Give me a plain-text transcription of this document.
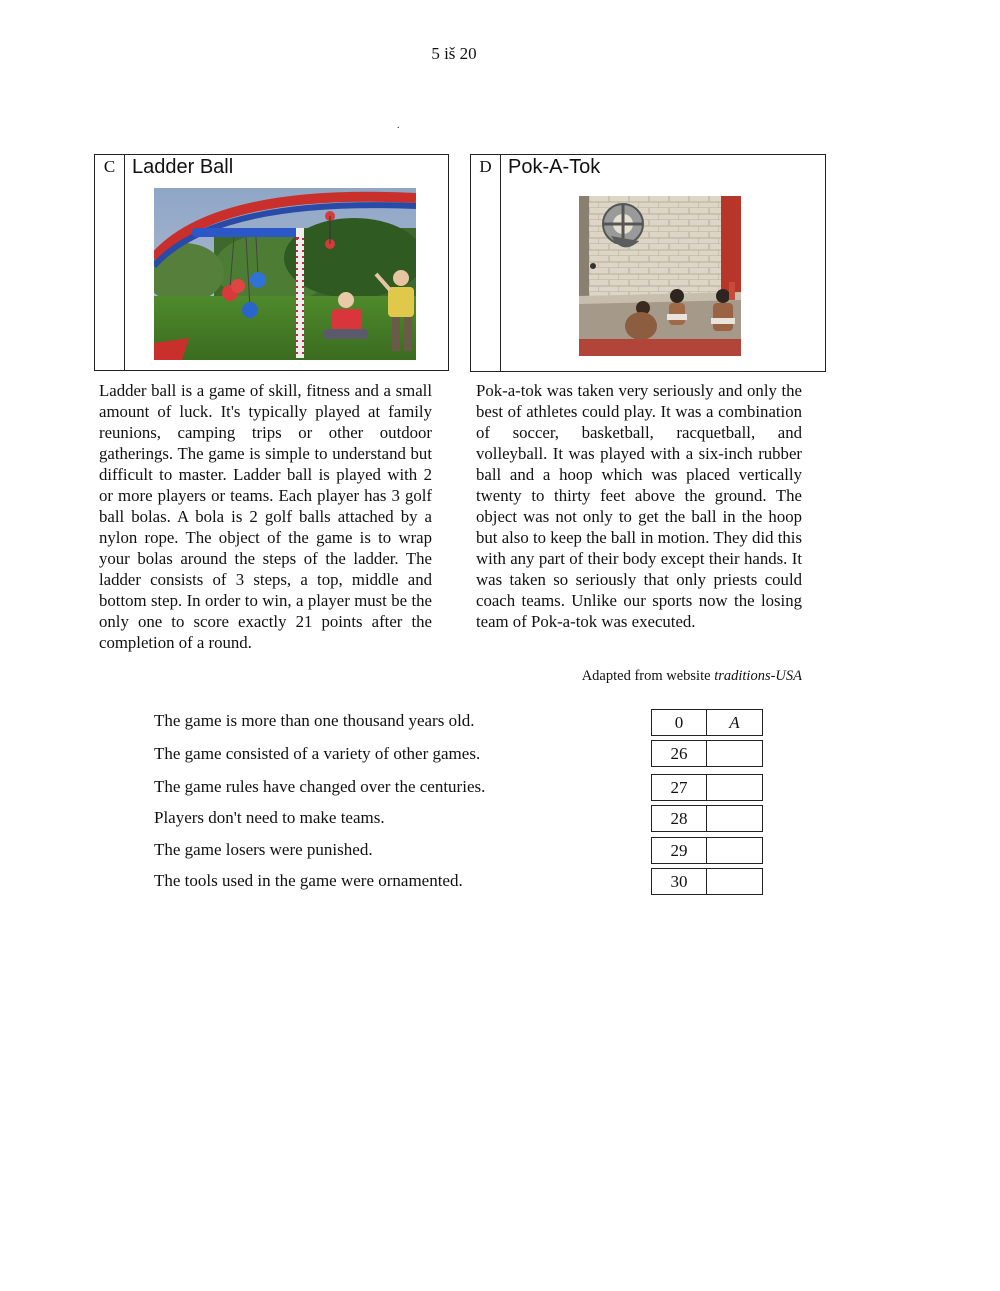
5 iš 20
.
C Ladder Ball	D Pok-A-Tok
Ladder ball is a game of skill, fitness and a small amount of luck. It's typically played at family reunions, camping trips or other outdoor gatherings. The game is simple to understand but difficult to master. Ladder ball is played with 2 or more players or teams. Each player has 3 golf ball bolas. A bola is 2 golf balls attached by a nylon rope. The object of the game is to wrap your bolas around the steps of the ladder. The ladder consists of 3 steps, a top, middle and bottom step. In order to win, a player must be the only one to score exactly 21 points after the completion of a round.
Pok-a-tok was taken very seriously and only the best of athletes could play. It was a combination of soccer, basketball, racquetball, and volleyball. It was played with a six-inch rubber ball and a hoop which was placed vertically twenty to thirty feet above the ground. The object was not only to get the ball in the hoop but also to keep the ball in motion. They did this with any part of their body except their hands. It was taken so seriously that only priests could coach teams. Unlike our sports now the losing team of Pok-a-tok was executed.
Adapted from website traditions-USA
The game is more than one thousand years old.	0	A
The game consisted of a variety of other games.	26
The game rules have changed over the centuries.	27
Players don't need to make teams.	28
The game losers were punished.	29
The tools used in the game were ornamented.	30
